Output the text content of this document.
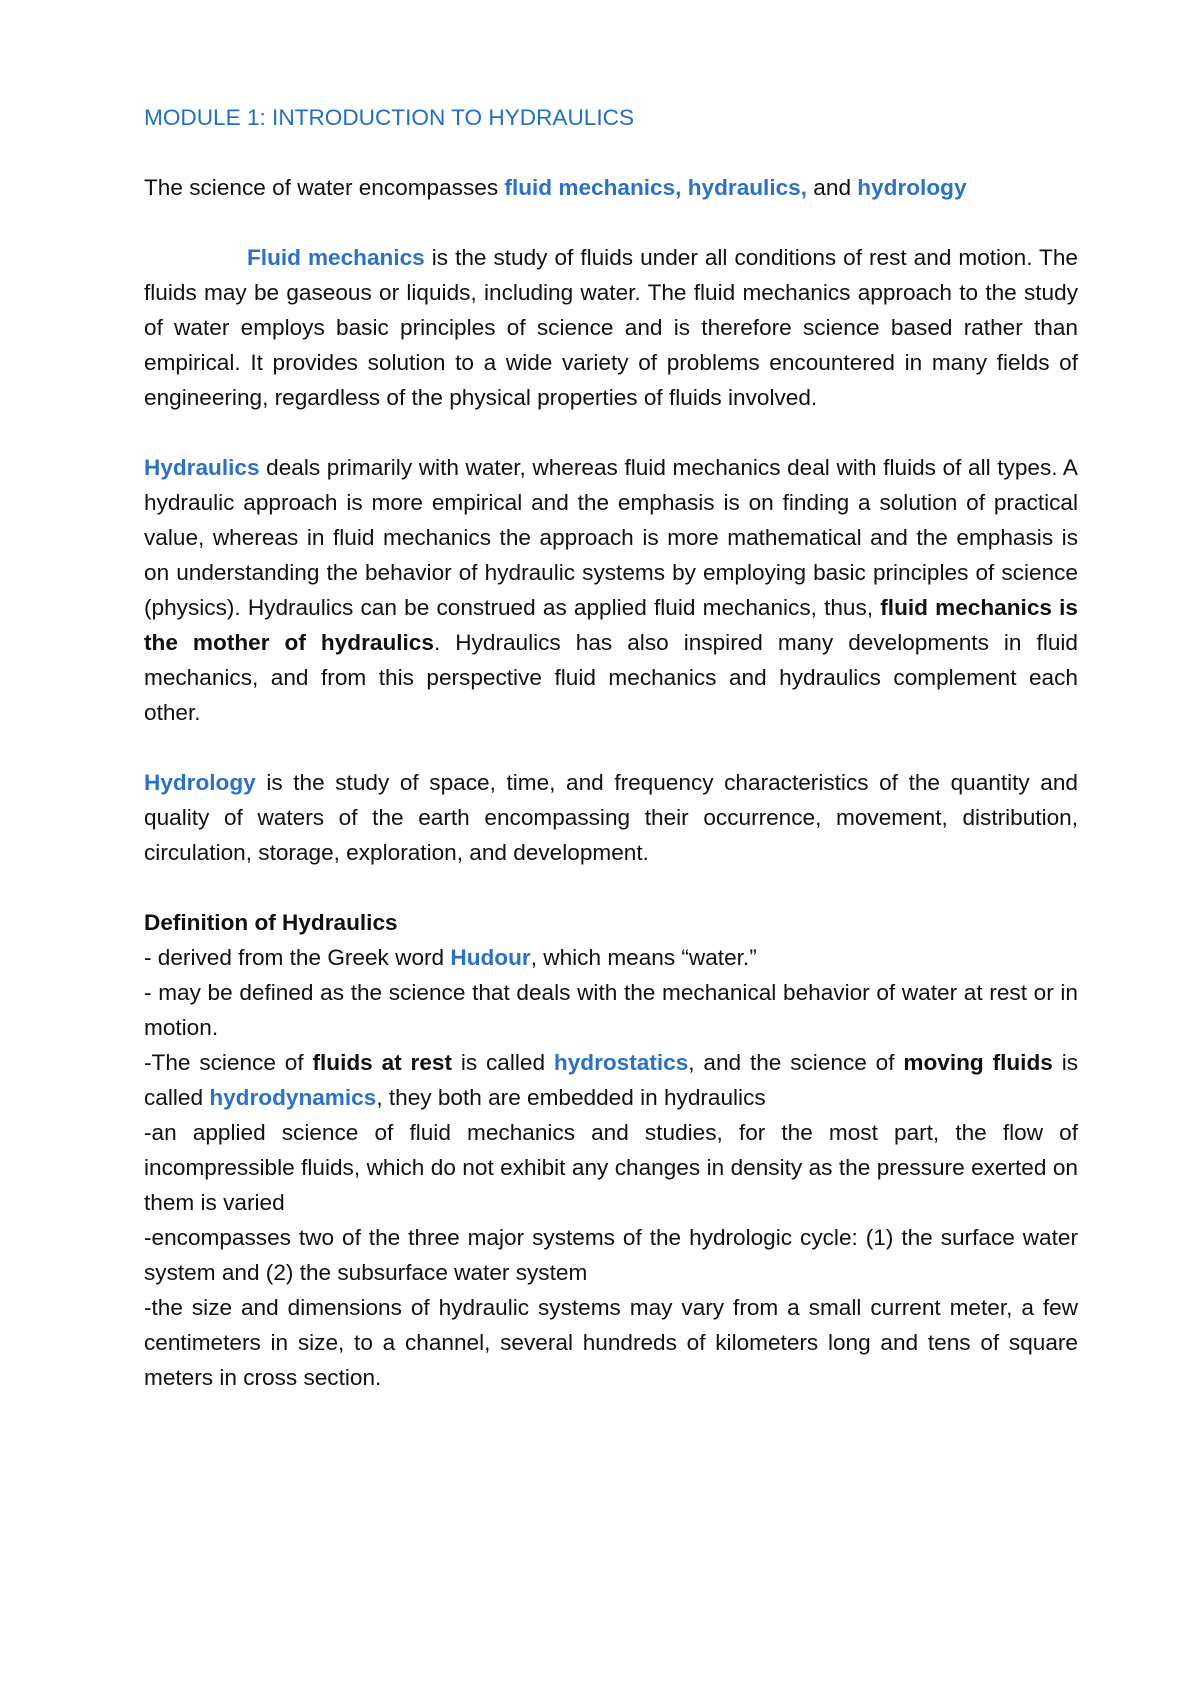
MODULE 1: INTRODUCTION TO HYDRAULICS

The science of water encompasses fluid mechanics, hydraulics, and hydrology

Fluid mechanics is the study of fluids under all conditions of rest and motion. The fluids may be gaseous or liquids, including water. The fluid mechanics approach to the study of water employs basic principles of science and is therefore science based rather than empirical. It provides solution to a wide variety of problems encountered in many fields of engineering, regardless of the physical properties of fluids involved.

Hydraulics deals primarily with water, whereas fluid mechanics deal with fluids of all types. A hydraulic approach is more empirical and the emphasis is on finding a solution of practical value, whereas in fluid mechanics the approach is more mathematical and the emphasis is on understanding the behavior of hydraulic systems by employing basic principles of science (physics). Hydraulics can be construed as applied fluid mechanics, thus, fluid mechanics is the mother of hydraulics. Hydraulics has also inspired many developments in fluid mechanics, and from this perspective fluid mechanics and hydraulics complement each other.

Hydrology is the study of space, time, and frequency characteristics of the quantity and quality of waters of the earth encompassing their occurrence, movement, distribution, circulation, storage, exploration, and development.

Definition of Hydraulics

- derived from the Greek word Hudour, which means “water.”

- may be defined as the science that deals with the mechanical behavior of water at rest or in motion.

-The science of fluids at rest is called hydrostatics, and the science of moving fluids is called hydrodynamics, they both are embedded in hydraulics

-an applied science of fluid mechanics and studies, for the most part, the flow of incompressible fluids, which do not exhibit any changes in density as the pressure exerted on them is varied

-encompasses two of the three major systems of the hydrologic cycle: (1) the surface water system and (2) the subsurface water system

-the size and dimensions of hydraulic systems may vary from a small current meter, a few centimeters in size, to a channel, several hundreds of kilometers long and tens of square meters in cross section.
